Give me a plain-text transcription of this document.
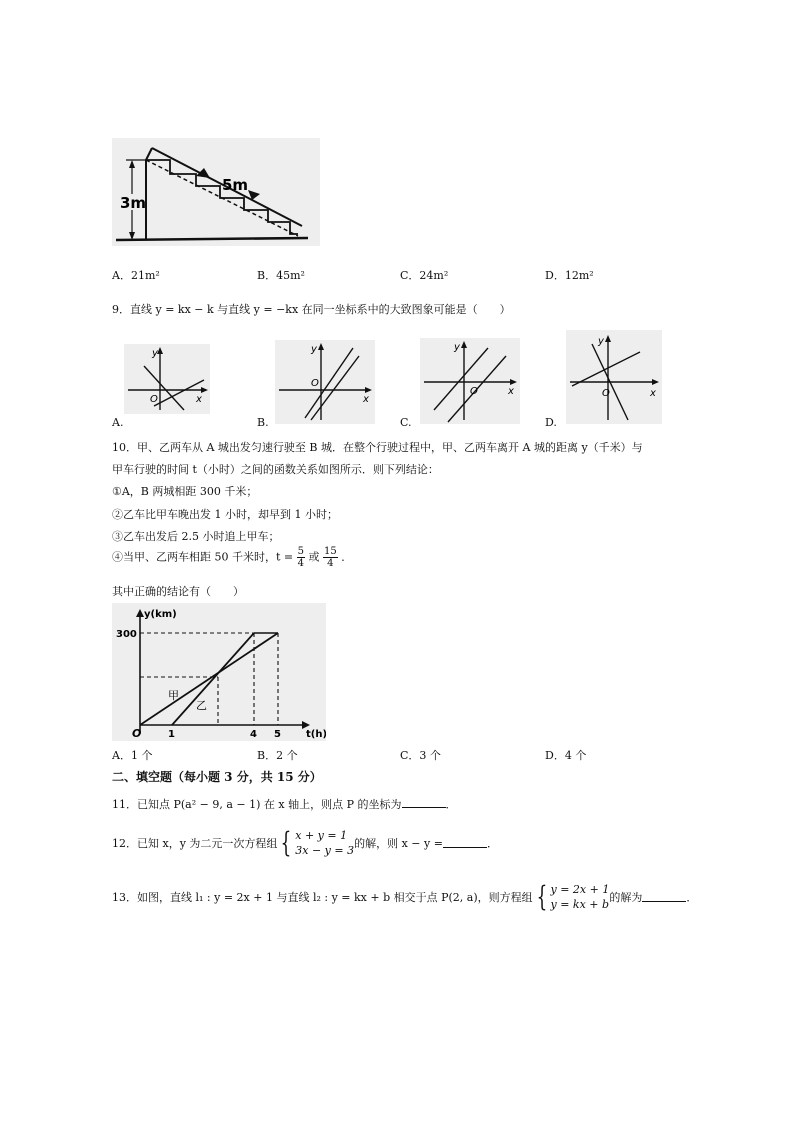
3m
5m
A．21m²	B．45m²	C．24m²	D．12m²
9．直线 y = kx − k 与直线 y = −kx 在同一坐标系中的大致图象可能是（　　）
y
x
O
A.
y
x
O
B.
y
x
O
C.
y
x
O
D.
10．甲、乙两车从 A 城出发匀速行驶至 B 城．在整个行驶过程中，甲、乙两车离开 A 城的距离 y（千米）与
甲车行驶的时间 t（小时）之间的函数关系如图所示．则下列结论：
①A，B 两城相距 300 千米；
②乙车比甲车晚出发 1 小时，却早到 1 小时；
③乙车出发后 2.5 小时追上甲车；
④当甲、乙两车相距 50 千米时，$t = \frac{5}{4}$ 或 $\frac{15}{4}$ ．
其中正确的结论有（　　）
y(km)
t(h)
300
O	1	4 5
甲
乙
A．1 个	B．2 个	C．3 个	D．4 个
二、填空题（每小题 3 分，共 15 分）
11．已知点 P(a² − 9, a − 1) 在 x 轴上，则点 P 的坐标为	．
12．已知 x，y 为二元一次方程组 { x + y = 1
3x − y = 3
的解，则 x − y =	．
13．如图，直线 l₁ : y = 2x + 1 与直线 l₂ : y = kx + b 相交于点 P(2, a)，则方程组 { y = 2x + 1
y = kx + b
的解为	．
